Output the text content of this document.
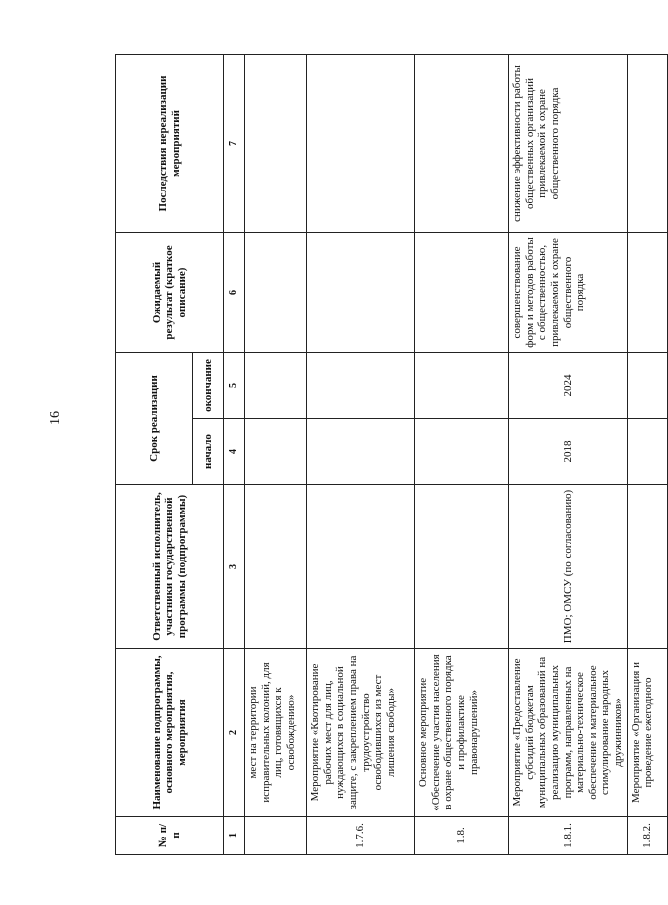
16
№ п/п	Наименование подпрограммы, основного мероприятия, мероприятия	Ответственный исполнитель, участники государственной программы (подпрограммы)	Срок реализации		Ожидаемый результат (краткое описание)	Последствия нереализации мероприятий
			начало	окончание		
1	2	3	4	5	6	7
	мест на территории исправительных колоний, для лиц, готовящихся к освобождению»					
1.7.6.	Мероприятие «Квотирование рабочих мест для лиц, нуждающихся в социальной защите, с закреплением права на трудоустройство освободившихся из мест лишения свободы»					
1.8.	Основное мероприятие «Обеспечение участия населения в охране общественного порядка и профилактике правонарушений»					
1.8.1.	Мероприятие «Предоставление субсидий бюджетам муниципальных образований на реализацию муниципальных программ, направленных на материально-техническое обеспечение и материальное стимулирование народных дружинников»	ПМО; ОМСУ (по согласованию)	2018	2024	совершенствование форм и методов работы с общественностью, привлекаемой к охране общественного порядка	снижение эффективности работы общественных организаций привлекаемой к охране общественного порядка
1.8.2.	Мероприятие «Организация и проведение ежегодного					
